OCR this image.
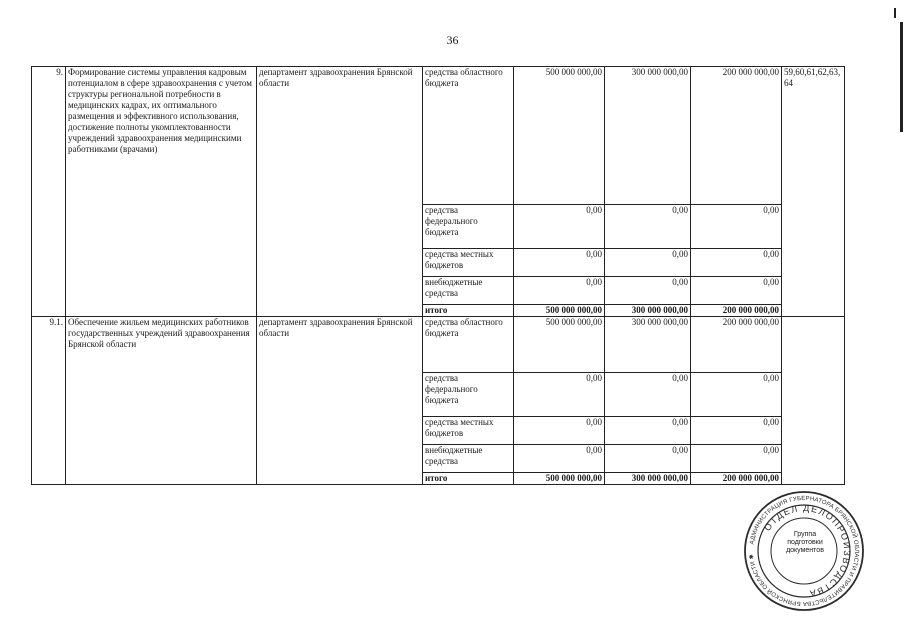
36
9.	Формирование системы управления кадровым потенциалом в сфере здравоохранения с учетом структуры региональной потребности в медицинских кадрах, их оптимального размещения и эффективного использования, достижение полноты укомплектованности учреждений здравоохранения медицинскими работниками (врачами)	департамент здравоохранения Брянской области	средства областного бюджета	500 000 000,00	300 000 000,00	200 000 000,00	59,60,61,62,63, 64
			средства федерального бюджета	0,00	0,00	0,00	
			средства местных бюджетов	0,00	0,00	0,00	
			внебюджетные средства	0,00	0,00	0,00	
			итого	500 000 000,00	300 000 000,00	200 000 000,00	
9.1.	Обеспечение жильем медицинских работников государственных учреждений здравоохранения Брянской области	департамент здравоохранения Брянской области	средства областного бюджета	500 000 000,00	300 000 000,00	200 000 000,00	
			средства федерального бюджета	0,00	0,00	0,00	
			средства местных бюджетов	0,00	0,00	0,00	
			внебюджетные средства	0,00	0,00	0,00	
			итого	500 000 000,00	300 000 000,00	200 000 000,00	
АДМИНИСТРАЦИЯ ГУБЕРНАТОРА БРЯНСКОЙ ОБЛАСТИ И ПРАВИТЕЛЬСТВА БРЯНСКОЙ ОБЛАСТИ ✱
ОТДЕЛ ДЕЛОПРОИЗВОДСТВА
Группа
подготовки
документов
